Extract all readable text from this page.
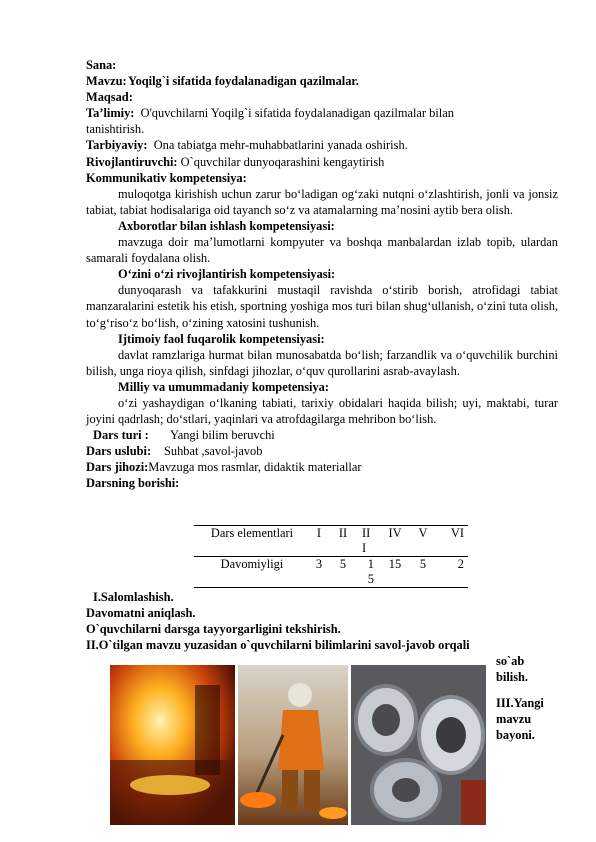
Sana:
Mavzu:Yoqilg`i sifatida foydalanadigan qazilmalar.
Maqsad:
Ta’limiy: O'quvchilarni Yoqilg`i sifatida foydalanadigan qazilmalar bilan
tanishtirish.
Tarbiyaviy: Ona tabiatga mehr-muhabbatlarini yanada oshirish.
Rivojlantiruvchi: O`quvchilar dunyoqarashini kengaytirish
Kommunikativ kompetensiya:
muloqotga kirishish uchun zarur bo‘ladigan og‘zaki nutqni o‘zlashtirish, jonli va jonsiz tabiat, tabiat hodisalariga oid tayanch so‘z va atamalarning ma’nosini aytib bera olish.
Axborotlar bilan ishlash kompetensiyasi:
mavzuga doir ma’lumotlarni kompyuter va boshqa manbalardan izlab topib, ulardan samarali foydalana olish.
O‘zini o‘zi rivojlantirish kompetensiyasi:
dunyoqarash va tafakkurini mustaqil ravishda o‘stirib borish, atrofidagi tabiat manzaralarini estetik his etish, sportning yoshiga mos turi bilan shug‘ullanish, o‘zini tuta olish, to‘g‘riso‘z bo‘lish, o‘zining xatosini tushunish.
Ijtimoiy faol fuqarolik kompetensiyasi:
davlat ramzlariga hurmat bilan munosabatda bo‘lish; farzandlik va o‘quvchilik burchini bilish, unga rioya qilish, sinfdagi jihozlar, o‘quv qurollarini asrab-avaylash.
Milliy va umummadaniy kompetensiya:
o‘zi yashaydigan o‘lkaning tabiati, tarixiy obidalari haqida bilish; uyi, maktabi, turar joyini qadrlash; do‘stlari, yaqinlari va atrofdagilarga mehribon bo‘lish.
Dars turi : Yangi bilim beruvchi
Dars uslubi: Suhbat ,savol-javob
Dars jihozi:Mavzuga mos rasmlar, didaktik materiallar
Darsning borishi:
Dars elementlari	I	II	III	IV	V	VI
Davomiyligi	3	5	15	15	5	2
I.Salomlashish.
Davomatni aniqlash.
O`quvchilarni darsga tayyorgarligini tekshirish.
II.O`tilgan mavzu yuzasidan o`quvchilarni bilimlarini savol-javob orqali
so`ab
bilish.
III.Yangi
mavzu
bayoni.
